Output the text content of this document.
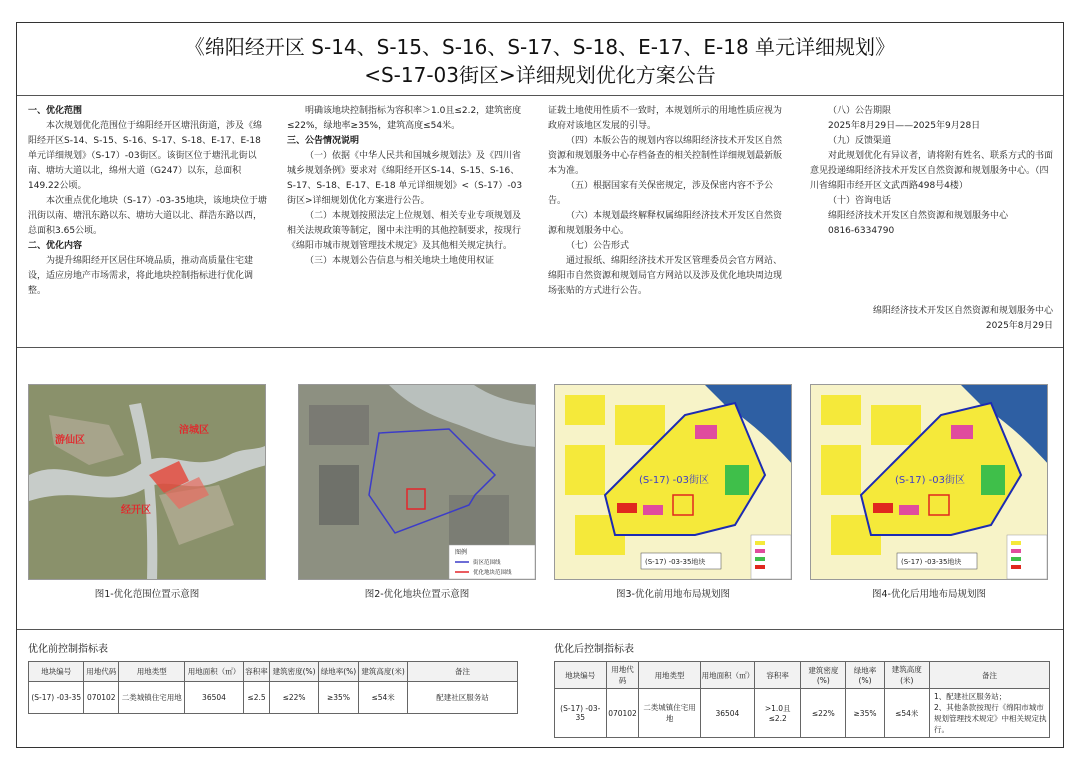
《绵阳经开区 S-14、S-15、S-16、S-17、S-18、E-17、E-18 单元详细规划》
<S-17-03街区>详细规划优化方案公告

一、优化范围

本次规划优化范围位于绵阳经开区塘汛街道，涉及《绵阳经开区S-14、S-15、S-16、S-17、S-18、E-17、E-18单元详细规划》（S-17）-03街区。该街区位于塘汛北街以南、塘坊大道以北，绵州大道（G247）以东，总面积149.22公顷。

本次重点优化地块（S-17）-03-35地块，该地块位于塘汛街以南、塘汛东路以东、塘坊大道以北、群浩东路以西，总面积3.65公顷。

二、优化内容

为提升绵阳经开区居住环境品质，推动高质量住宅建设，适应房地产市场需求，将此地块控制指标进行优化调整。

明确该地块控制指标为容积率＞1.0且≤2.2，建筑密度≤22%，绿地率≥35%，建筑高度≤54米。

三、公告情况说明

（一）依据《中华人民共和国城乡规划法》及《四川省城乡规划条例》要求对《绵阳经开区S-14、S-15、S-16、S-17、S-18、E-17、E-18 单元详细规划》<（S-17）-03街区>详细规划优化方案进行公告。

（二）本规划按照法定上位规划、相关专业专项规划及相关法规政策等制定，图中未注明的其他控制要求，按现行《绵阳市城市规划管理技术规定》及其他相关规定执行。

（三）本规划公告信息与相关地块土地使用权证

证载土地使用性质不一致时，本规划所示的用地性质应视为政府对该地区发展的引导。

（四）本版公告的规划内容以绵阳经济技术开发区自然资源和规划服务中心存档备查的相关控制性详细规划最新版本为准。

（五）根据国家有关保密规定，涉及保密内容不予公告。

（六）本规划最终解释权属绵阳经济技术开发区自然资源和规划服务中心。

（七）公告形式

通过报纸、绵阳经济技术开发区管理委员会官方网站、绵阳市自然资源和规划局官方网站以及涉及优化地块周边现场张贴的方式进行公告。

（八）公告期限

2025年8月29日——2025年9月28日

（九）反馈渠道

对此规划优化有异议者，请将附有姓名、联系方式的书面意见投递绵阳经济技术开发区自然资源和规划服务中心。（四川省绵阳市经开区文武西路498号4楼）

（十）咨询电话

绵阳经济技术开发区自然资源和规划服务中心

0816-6334790

绵阳经济技术开发区自然资源和规划服务中心

2025年8月29日

游仙区
涪城区
经开区
图1-优化范围位置示意图
图例
街区范围线
优化地块范围线
图2-优化地块位置示意图
(S-17) -03街区
(S-17) -03-35地块
图3-优化前用地布局规划图
(S-17) -03街区
(S-17) -03-35地块
图4-优化后用地布局规划图
优化前控制指标表
地块编号	用地代码	用地类型	用地面积（㎡）	容积率	建筑密度(%)	绿地率(%)	建筑高度(米)	备注
(S-17) -03-35	070102	二类城镇住宅用地	36504	≤2.5	≤22%	≥35%	≤54米	配建社区服务站
优化后控制指标表
地块编号	用地代码	用地类型	用地面积（㎡）	容积率	建筑密度(%)	绿地率(%)	建筑高度(米)	备注
(S-17) -03-35	070102	二类城镇住宅用地	36504	>1.0且≤2.2	≤22%	≥35%	≤54米	1、配建社区服务站；
2、其他条款按现行《绵阳市城市规划管理技术规定》中相关规定执行。
